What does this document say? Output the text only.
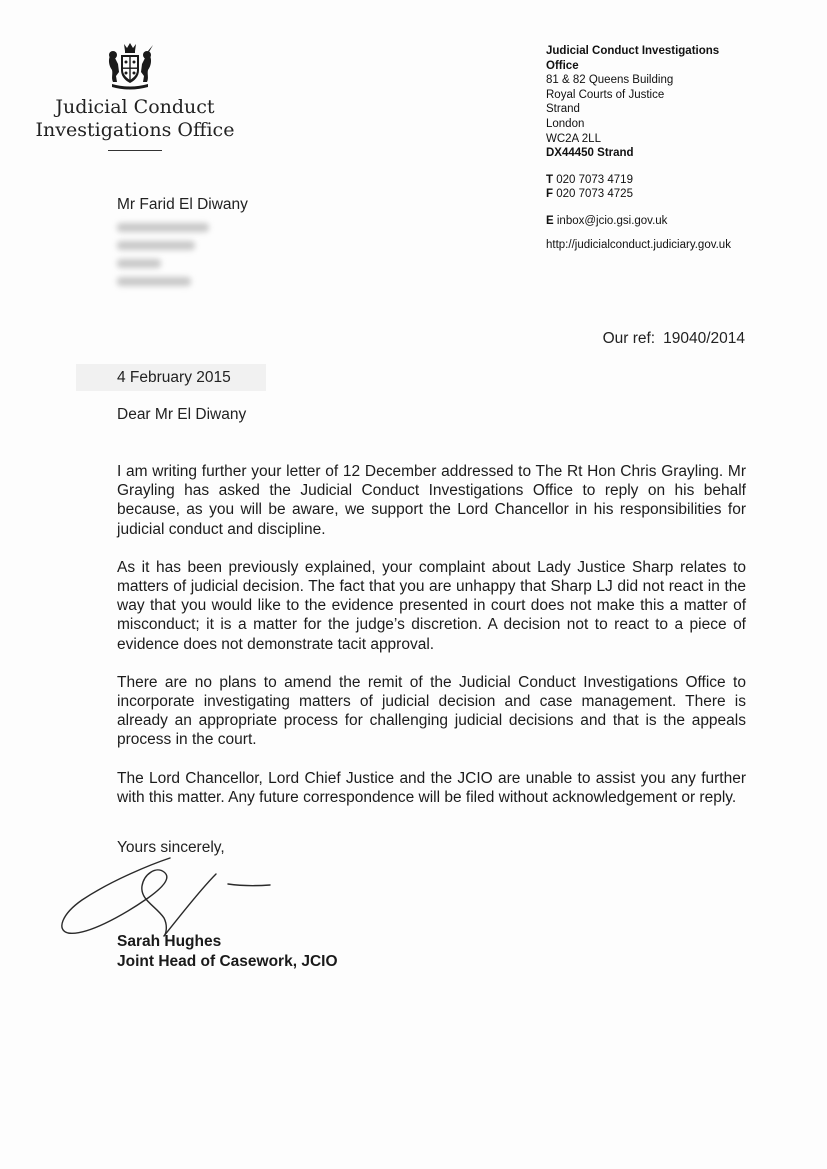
Judicial Conduct
Investigations Office
Judicial Conduct Investigations
Office
81 & 82 Queens Building
Royal Courts of Justice
Strand
London
WC2A 2LL
DX44450 Strand
T 020 7073 4719
F 020 7073 4725
E inbox@jcio.gsi.gov.uk
http://judicialconduct.judiciary.gov.uk
Mr Farid El Diwany
Our ref: 19040/2014
4 February 2015
Dear Mr El Diwany

I am writing further your letter of 12 December addressed to The Rt Hon Chris Grayling. Mr Grayling has asked the Judicial Conduct Investigations Office to reply on his behalf because, as you will be aware, we support the Lord Chancellor in his responsibilities for judicial conduct and discipline.

As it has been previously explained, your complaint about Lady Justice Sharp relates to matters of judicial decision. The fact that you are unhappy that Sharp LJ did not react in the way that you would like to the evidence presented in court does not make this a matter of misconduct; it is a matter for the judge’s discretion. A decision not to react to a piece of evidence does not demonstrate tacit approval.

There are no plans to amend the remit of the Judicial Conduct Investigations Office to incorporate investigating matters of judicial decision and case management. There is already an appropriate process for challenging judicial decisions and that is the appeals process in the court.

The Lord Chancellor, Lord Chief Justice and the JCIO are unable to assist you any further with this matter. Any future correspondence will be filed without acknowledgement or reply.

Yours sincerely,
Sarah Hughes
Joint Head of Casework, JCIO
